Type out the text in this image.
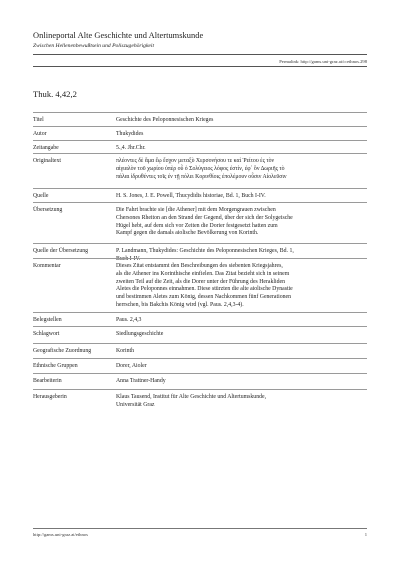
Onlineportal Alte Geschichte und Altertumskunde
Zwischen Hellenenbewußtsein und Poliszugehörigkeit
Permalink: http://gams.uni-graz.at/o:ethnos.298
Thuk. 4,42,2
Titel	Geschichte des Peloponnesischen Krieges
Autor	Thukydides
Zeitangabe	5.,4. Jhr.Chr.
Originaltext	πλέοντες δὲ ἅμα ἕῳ ἔσχον μεταξὺ Χερσονήσου τε καὶ Ῥείτου ἐς τὸν

αἰγιαλὸν τοῦ χωρίου ὑπὲρ οὗ ὁ Σολύγειος λόφος ἐστίν, ἐφ᾽ ὃν Δωριῆς τὸ

πάλαι ἱδρυθέντες τοῖς ἐν τῇ πόλει Κορινθίοις ἐπολέμουν οὖσιν Αἰολεῦσιν

Quelle	H. S. Jones, J. E. Powell, Thucydidis historiae, Bd. 1, Buch I-IV.
Übersetzung	Die Fahrt brachte sie [die Athener] mit dem Morgengrauen zwischen

Chersones Rheiton an den Strand der Gegend, über der sich der Solygeische

Hügel hebt, auf dem sich vor Zeiten die Dorier festgesetzt hatten zum

Kampf gegen die damals aiolische Bevölkerung von Korinth.

Quelle der Übersetzung	P. Landmann, Thukydides: Geschichte des Peloponnesischen Krieges, Bd. 1,

Buch I-IV.

Kommentar	Dieses Zitat entstammt den Beschreibungen des siebenten Kriegsjahres,

als die Athener ins Korinthische einfielen. Das Zitat bezieht sich in seinem

zweiten Teil auf die Zeit, als die Dorer unter der Führung des Herakliden

Aletes die Peloponnes einnahmen. Diese stürzten die alte aiolische Dynastie

und bestimmen Aletes zum König, dessen Nachkommen fünf Generationen

herrschen, bis Bakchis König wird (vgl. Paus. 2,4,3-4).

Belegstellen	Paus. 2,4,3
Schlagwort	Siedlungsgeschichte
Geografische Zuordnung	Korinth
Ethnische Gruppen	Dorer, Aioler
Bearbeiterin	Anna Trattner-Handy
Herausgeberin	Klaus Tausend, Institut für Alte Geschichte und Altertumskunde,

Universität Graz

http://gams.uni-graz.at/ethnos	1
